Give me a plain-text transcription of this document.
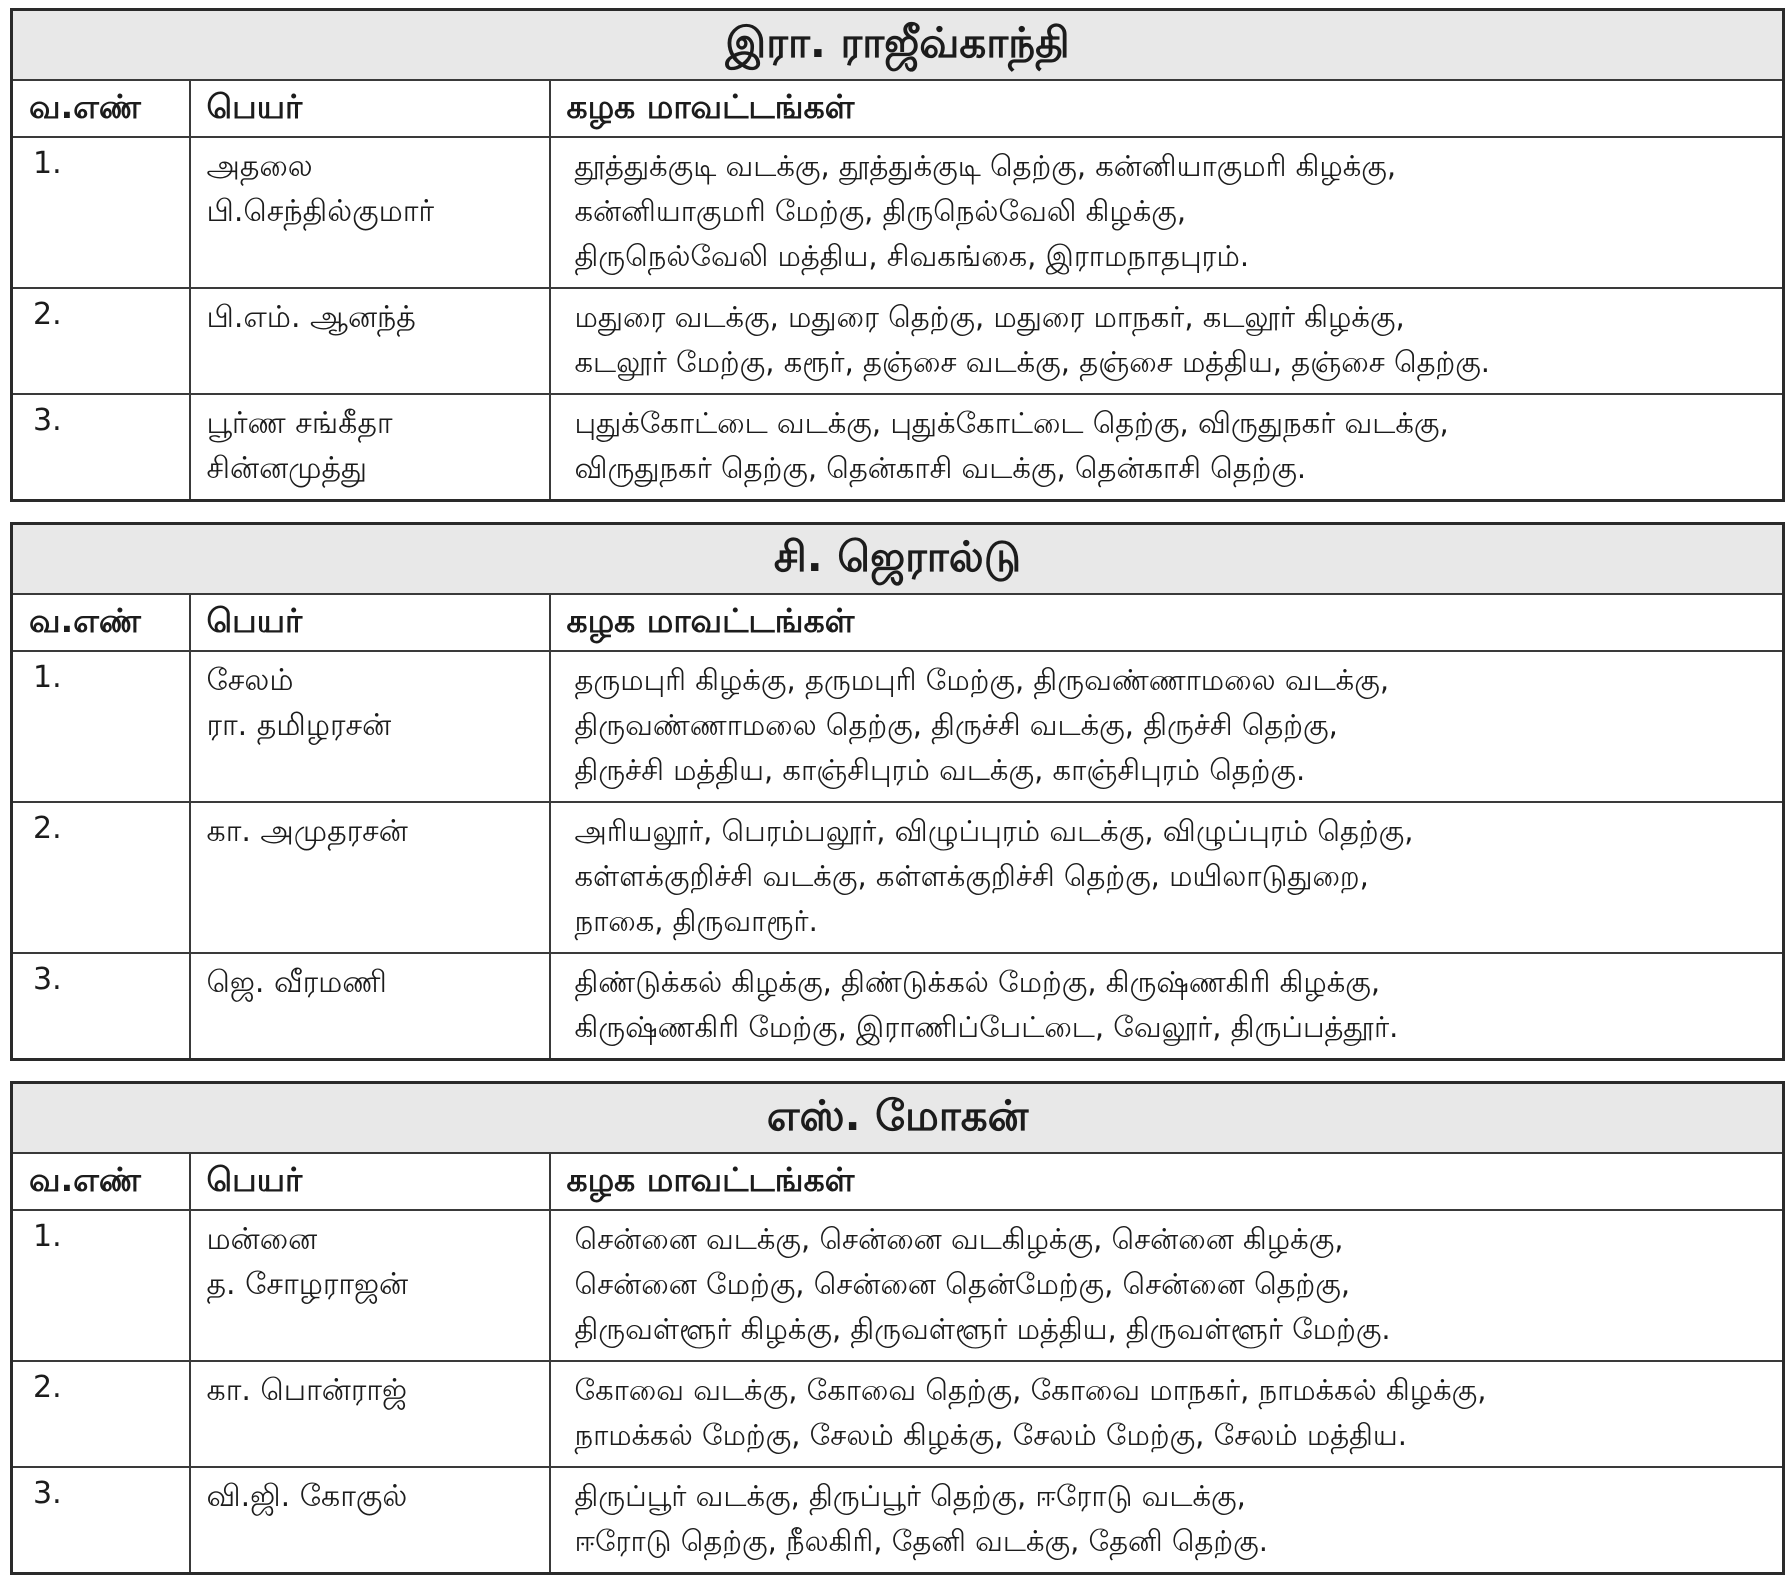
இரா. ராஜீவ்காந்தி		
வ.எண்	பெயர்	கழக மாவட்டங்கள்
1.	அதலை
பி.செந்தில்குமார்	தூத்துக்குடி வடக்கு, தூத்துக்குடி தெற்கு, கன்னியாகுமரி கிழக்கு,
கன்னியாகுமரி மேற்கு, திருநெல்வேலி கிழக்கு,
திருநெல்வேலி மத்திய, சிவகங்கை, இராமநாதபுரம்.

2.	பி.எம். ஆனந்த்	மதுரை வடக்கு, மதுரை தெற்கு, மதுரை மாநகர், கடலூர் கிழக்கு,
கடலூர் மேற்கு, கரூர், தஞ்சை வடக்கு, தஞ்சை மத்திய, தஞ்சை தெற்கு.

3.	பூர்ண சங்கீதா
சின்னமுத்து	புதுக்கோட்டை வடக்கு, புதுக்கோட்டை தெற்கு, விருதுநகர் வடக்கு,
விருதுநகர் தெற்கு, தென்காசி வடக்கு, தென்காசி தெற்கு.
சி. ஜெரால்டு		
வ.எண்	பெயர்	கழக மாவட்டங்கள்
1.	சேலம்
ரா. தமிழரசன்	தருமபுரி கிழக்கு, தருமபுரி மேற்கு, திருவண்ணாமலை வடக்கு,
திருவண்ணாமலை தெற்கு, திருச்சி வடக்கு, திருச்சி தெற்கு,
திருச்சி மத்திய, காஞ்சிபுரம் வடக்கு, காஞ்சிபுரம் தெற்கு.

2.	கா. அமுதரசன்	அரியலூர், பெரம்பலூர், விழுப்புரம் வடக்கு, விழுப்புரம் தெற்கு,
கள்ளக்குறிச்சி வடக்கு, கள்ளக்குறிச்சி தெற்கு, மயிலாடுதுறை,
நாகை, திருவாரூர்.

3.	ஜெ. வீரமணி	திண்டுக்கல் கிழக்கு, திண்டுக்கல் மேற்கு, கிருஷ்ணகிரி கிழக்கு,
கிருஷ்ணகிரி மேற்கு, இராணிப்பேட்டை, வேலூர், திருப்பத்தூர்.
எஸ். மோகன்		
வ.எண்	பெயர்	கழக மாவட்டங்கள்
1.	மன்னை
த. சோழராஜன்	சென்னை வடக்கு, சென்னை வடகிழக்கு, சென்னை கிழக்கு,
சென்னை மேற்கு, சென்னை தென்மேற்கு, சென்னை தெற்கு,
திருவள்ளூர் கிழக்கு, திருவள்ளூர் மத்திய, திருவள்ளூர் மேற்கு.

2.	கா. பொன்ராஜ்	கோவை வடக்கு, கோவை தெற்கு, கோவை மாநகர், நாமக்கல் கிழக்கு,
நாமக்கல் மேற்கு, சேலம் கிழக்கு, சேலம் மேற்கு, சேலம் மத்திய.

3.	வி.ஜி. கோகுல்	திருப்பூர் வடக்கு, திருப்பூர் தெற்கு, ஈரோடு வடக்கு,
ஈரோடு தெற்கு, நீலகிரி, தேனி வடக்கு, தேனி தெற்கு.
